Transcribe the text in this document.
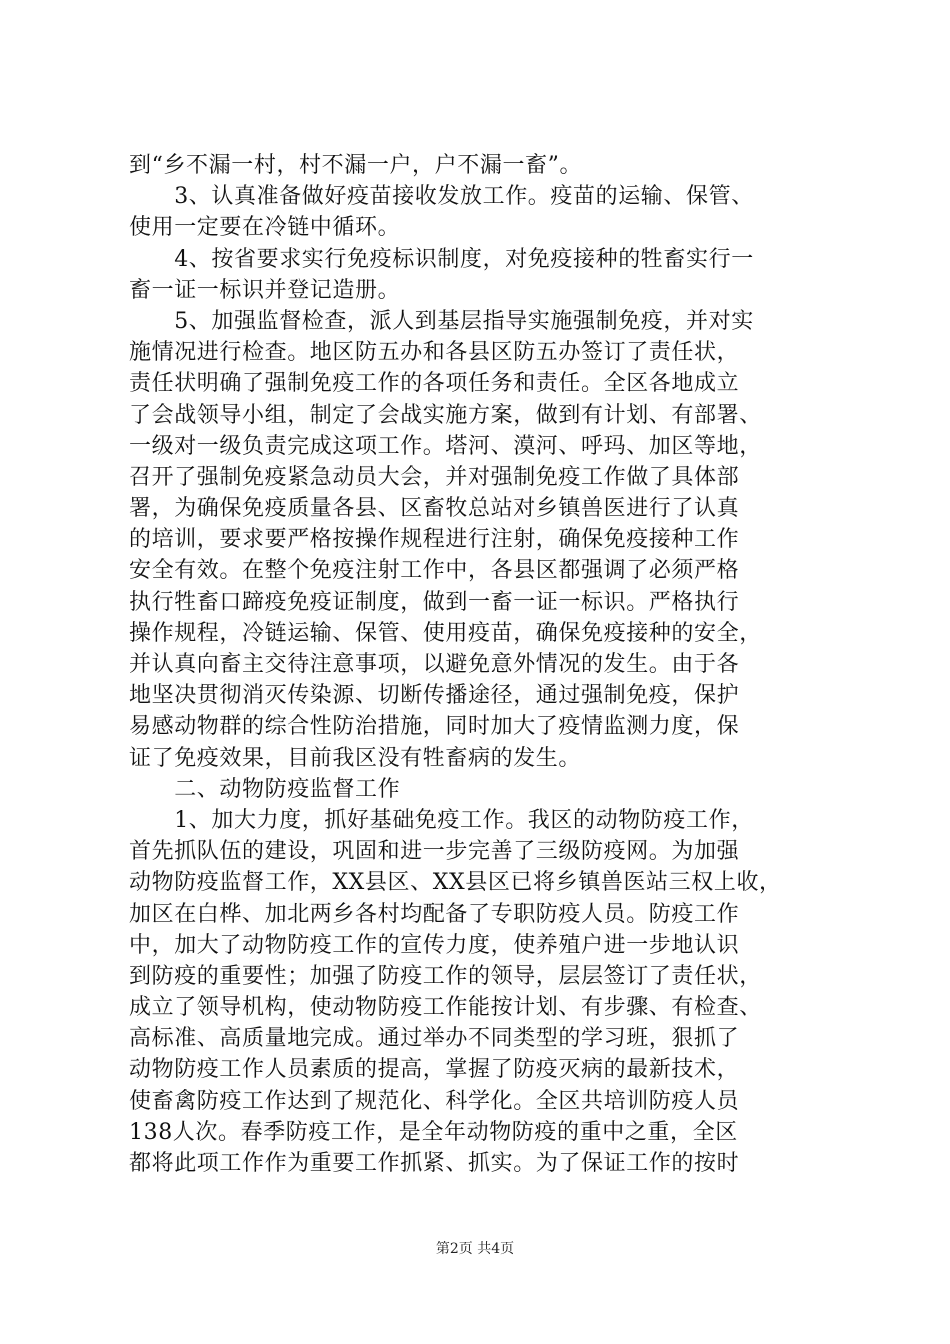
到“乡不漏一村，村不漏一户，户不漏一畜”。
　　3、认真准备做好疫苗接收发放工作。疫苗的运输、保管、
使用一定要在冷链中循环。
　　4、按省要求实行免疫标识制度，对免疫接种的牲畜实行一
畜一证一标识并登记造册。
　　5、加强监督检查，派人到基层指导实施强制免疫，并对实
施情况进行检查。地区防五办和各县区防五办签订了责任状，
责任状明确了强制免疫工作的各项任务和责任。全区各地成立
了会战领导小组，制定了会战实施方案，做到有计划、有部署、
一级对一级负责完成这项工作。塔河、漠河、呼玛、加区等地，
召开了强制免疫紧急动员大会，并对强制免疫工作做了具体部
署，为确保免疫质量各县、区畜牧总站对乡镇兽医进行了认真
的培训，要求要严格按操作规程进行注射，确保免疫接种工作
安全有效。在整个免疫注射工作中，各县区都强调了必须严格
执行牲畜口蹄疫免疫证制度，做到一畜一证一标识。严格执行
操作规程，冷链运输、保管、使用疫苗，确保免疫接种的安全，
并认真向畜主交待注意事项，以避免意外情况的发生。由于各
地坚决贯彻消灭传染源、切断传播途径，通过强制免疫，保护
易感动物群的综合性防治措施，同时加大了疫情监测力度，保
证了免疫效果，目前我区没有牲畜病的发生。
　　二、动物防疫监督工作
　　1、加大力度，抓好基础免疫工作。我区的动物防疫工作，
首先抓队伍的建设，巩固和进一步完善了三级防疫网。为加强
动物防疫监督工作，XX县区、XX县区已将乡镇兽医站三权上收，
加区在白桦、加北两乡各村均配备了专职防疫人员。防疫工作
中，加大了动物防疫工作的宣传力度，使养殖户进一步地认识
到防疫的重要性；加强了防疫工作的领导，层层签订了责任状，
成立了领导机构，使动物防疫工作能按计划、有步骤、有检查、
高标准、高质量地完成。通过举办不同类型的学习班，狠抓了
动物防疫工作人员素质的提高，掌握了防疫灭病的最新技术，
使畜禽防疫工作达到了规范化、科学化。全区共培训防疫人员
138人次。春季防疫工作，是全年动物防疫的重中之重，全区
都将此项工作作为重要工作抓紧、抓实。为了保证工作的按时
第2页 共4页
